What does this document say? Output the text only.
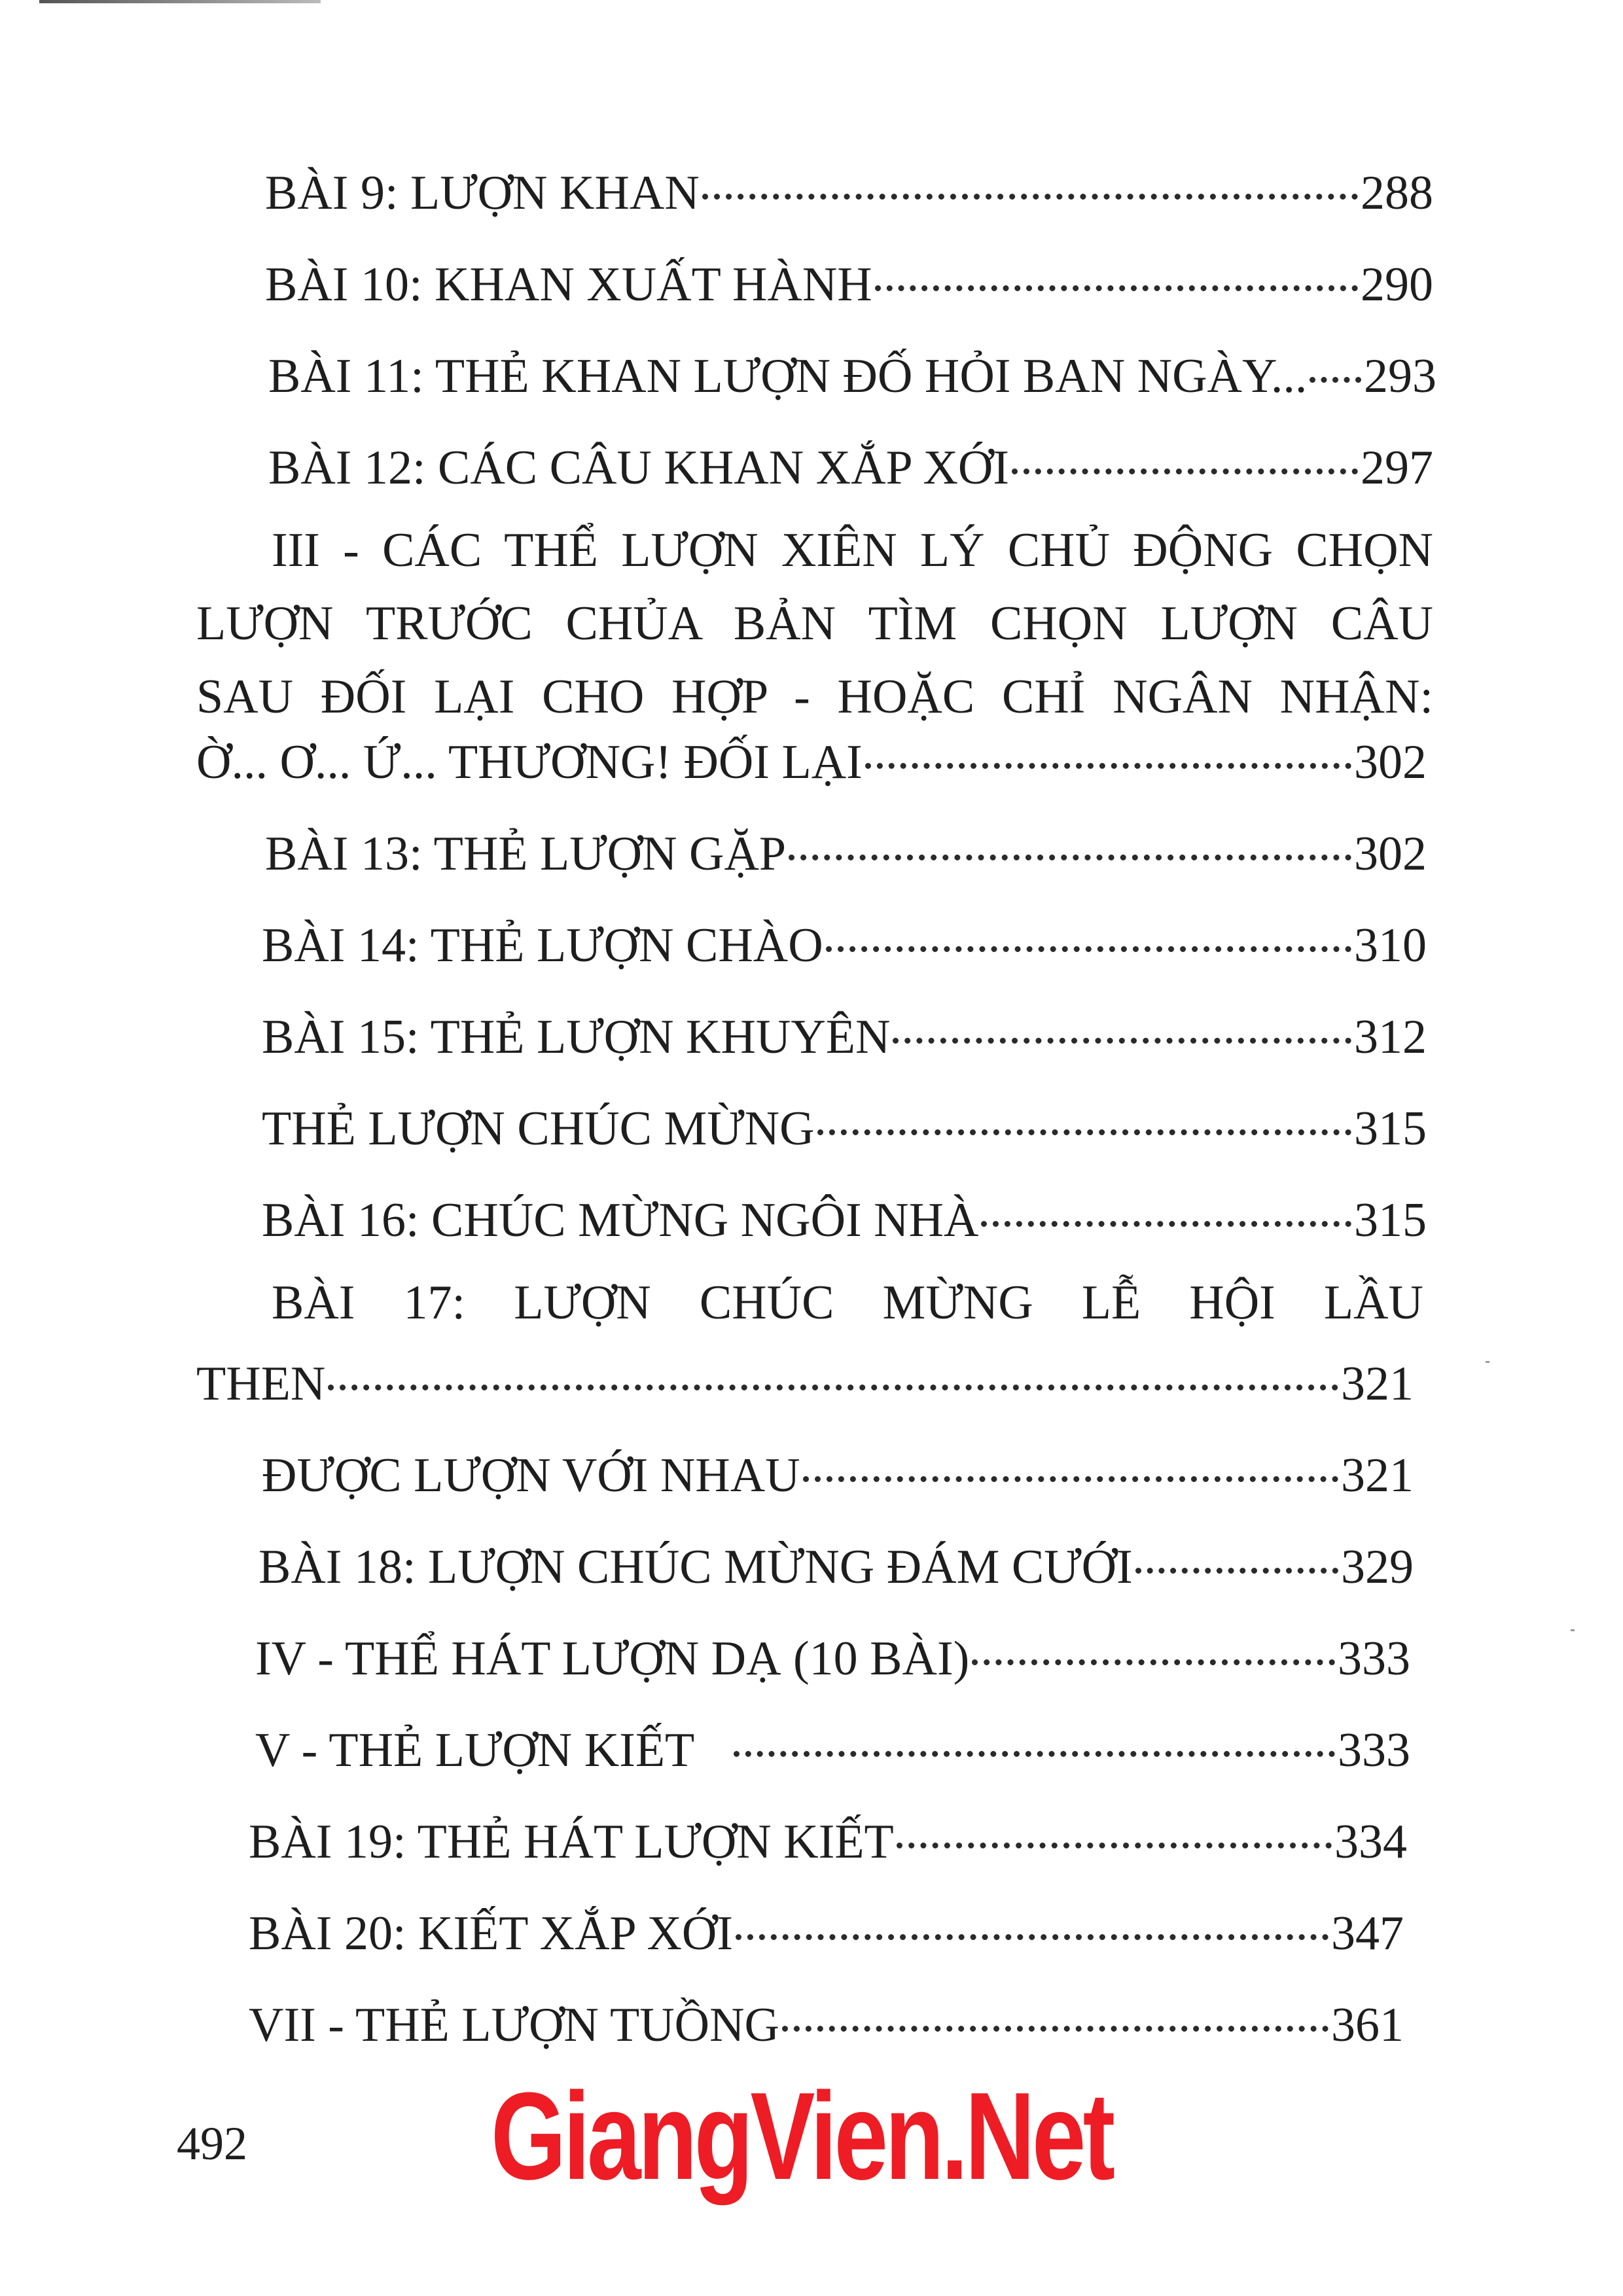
BÀI 9: LƯỢN KHAN	288
BÀI 10: KHAN XUẤT HÀNH	290
BÀI 11: THẺ KHAN LƯỢN ĐỐ HỎI BAN NGÀY... 293
BÀI 12: CÁC CÂU KHAN XẮP XỚI	297
III - CÁC THỂ LƯỢN XIÊN LÝ CHỦ ĐỘNG CHỌN
LƯỢN TRƯỚC CHỦA BẢN TÌM CHỌN LƯỢN CÂU
SAU ĐỐI LẠI CHO HỢP - HOẶC CHỈ NGÂN NHẬN:
Ờ... Ơ... Ứ... THƯƠNG! ĐỐI LẠI	302
BÀI 13: THẺ LƯỢN GẶP	302
BÀI 14: THẺ LƯỢN CHÀO	310
BÀI 15: THẺ LƯỢN KHUYÊN	312
THẺ LƯỢN CHÚC MỪNG	315
BÀI 16: CHÚC MỪNG NGÔI NHÀ	315
BÀI 17: LƯỢN CHÚC MỪNG LỄ HỘI LẦU
THEN	321
ĐƯỢC LƯỢN VỚI NHAU	321
BÀI 18: LƯỢN CHÚC MỪNG ĐÁM CƯỚI	329
IV - THỂ HÁT LƯỢN DẠ (10 BÀI)	333
V - THẺ LƯỢN KIẾT	333
BÀI 19: THẺ HÁT LƯỢN KIẾT	334
BÀI 20: KIẾT XẮP XỚI	347
VII - THẺ LƯỢN TUỒNG	361
492 GiangVien.Net
